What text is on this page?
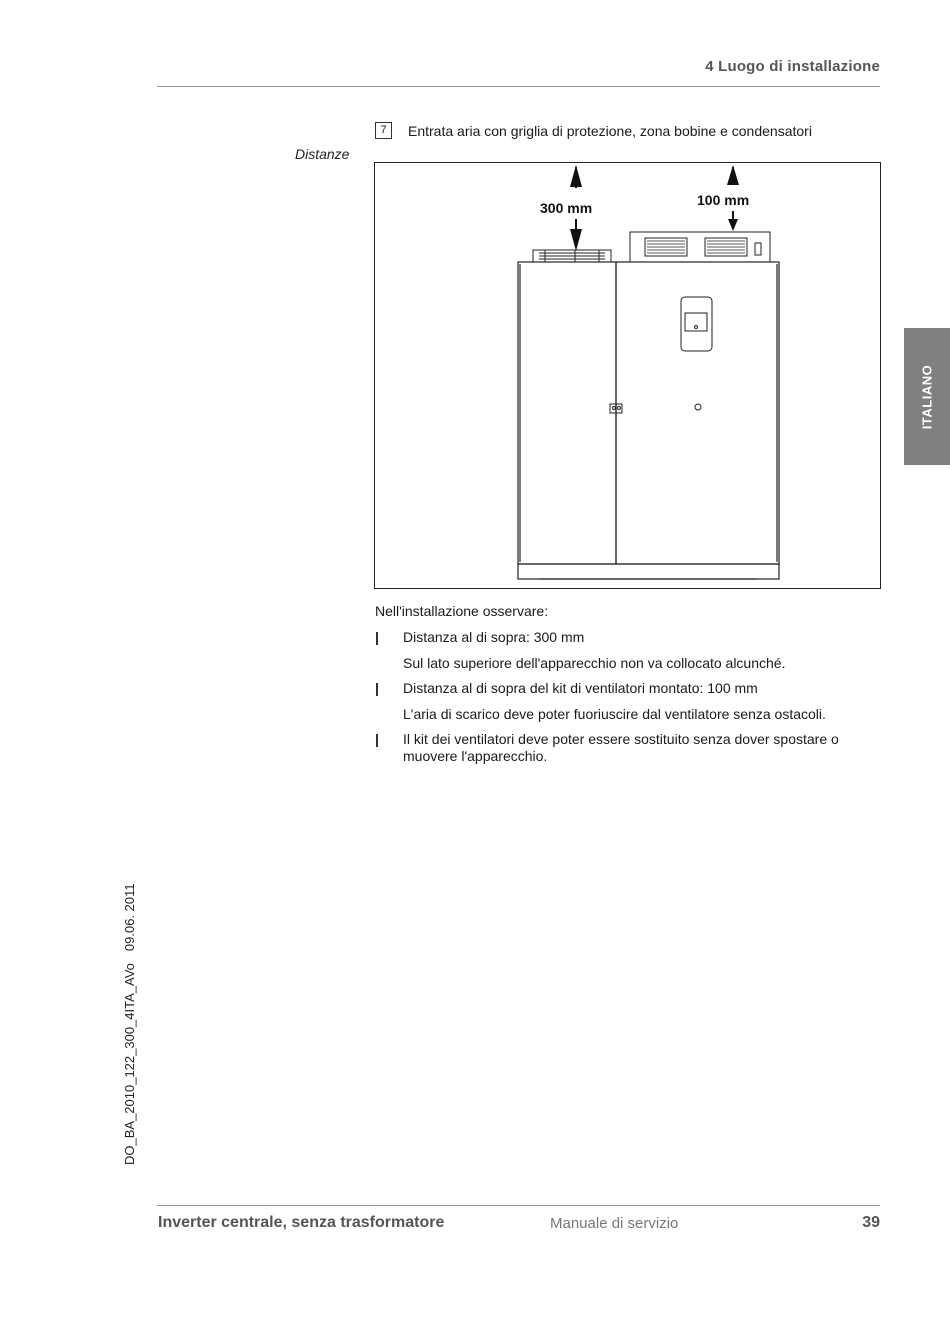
4 Luogo di installazione
7	Entrata aria con griglia di protezione, zona bobine e condensatori
Distanze
300 mm	100 mm
Nell'installazione osservare:
| Distanza al di sopra: 300 mm
Sul lato superiore dell'apparecchio non va collocato alcunché.
| Distanza al di sopra del kit di ventilatori montato: 100 mm
L'aria di scarico deve poter fuoriuscire dal ventilatore senza ostacoli.
| Il kit dei ventilatori deve poter essere sostituito senza dover spostare o
muovere l'apparecchio.
ITALIANO
DO_BA_2010_122_300_4ITA_AVo09.06. 2011
Inverter centrale, senza trasformatore	Manuale di servizio	39
